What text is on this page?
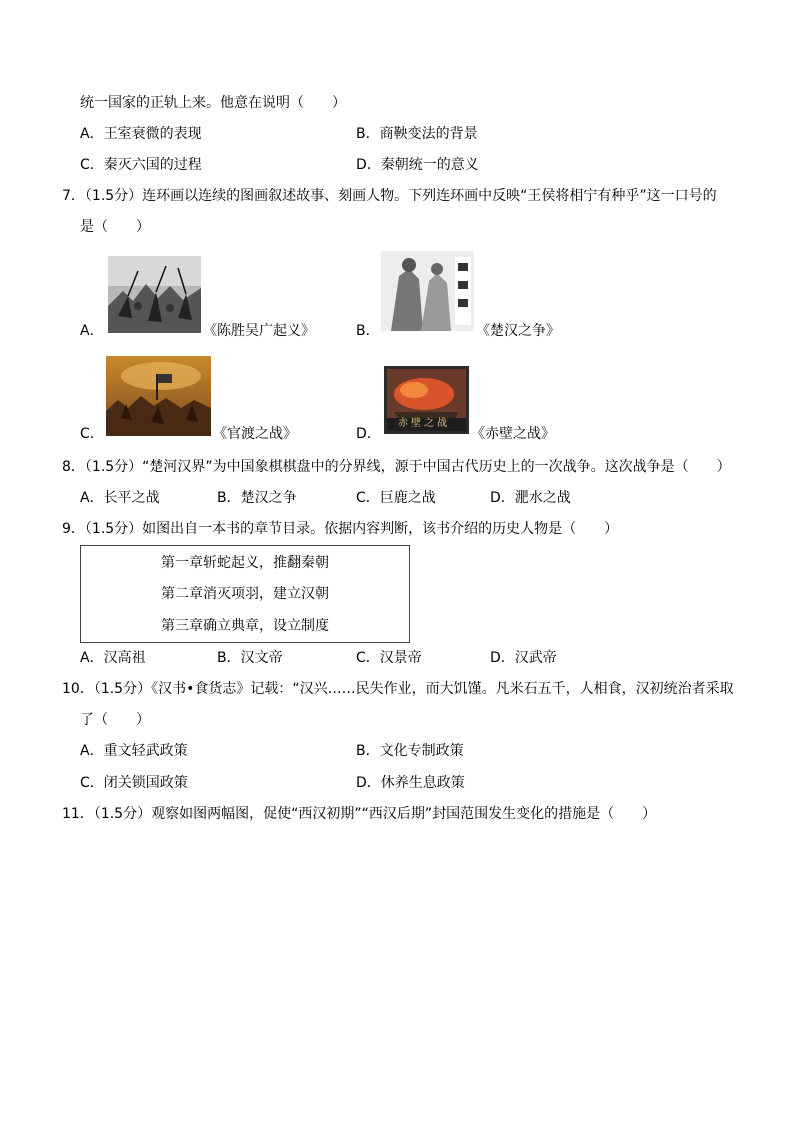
统一国家的正轨上来。他意在说明（　　）
A．王室衰微的表现	B．商鞅变法的背景
C．秦灭六国的过程	D．秦朝统一的意义
7．（1.5分）连环画以连续的图画叙述故事、刻画人物。下列连环画中反映“王侯将相宁有种乎”这一口号的
是（　　）
A．	《陈胜吴广起义》	B．	《楚汉之争》
C．	《官渡之战》	D．
赤壁之战
《赤壁之战》
8．（1.5分）“楚河汉界”为中国象棋棋盘中的分界线，源于中国古代历史上的一次战争。这次战争是（　　）
A．长平之战	B．楚汉之争	C．巨鹿之战	D．淝水之战
9．（1.5分）如图出自一本书的章节目录。依据内容判断，该书介绍的历史人物是（　　）
第一章斩蛇起义，推翻秦朝
第二章消灭项羽，建立汉朝
第三章确立典章，设立制度
A．汉高祖	B．汉文帝	C．汉景帝	D．汉武帝
10．（1.5分）《汉书•食货志》记载：“汉兴……民失作业，而大饥馑。凡米石五千，人相食，汉初统治者采取
了（　　）
A．重文轻武政策	B．文化专制政策
C．闭关锁国政策	D．休养生息政策
11．（1.5分）观察如图两幅图，促使“西汉初期”“西汉后期”封国范围发生变化的措施是（　　）
